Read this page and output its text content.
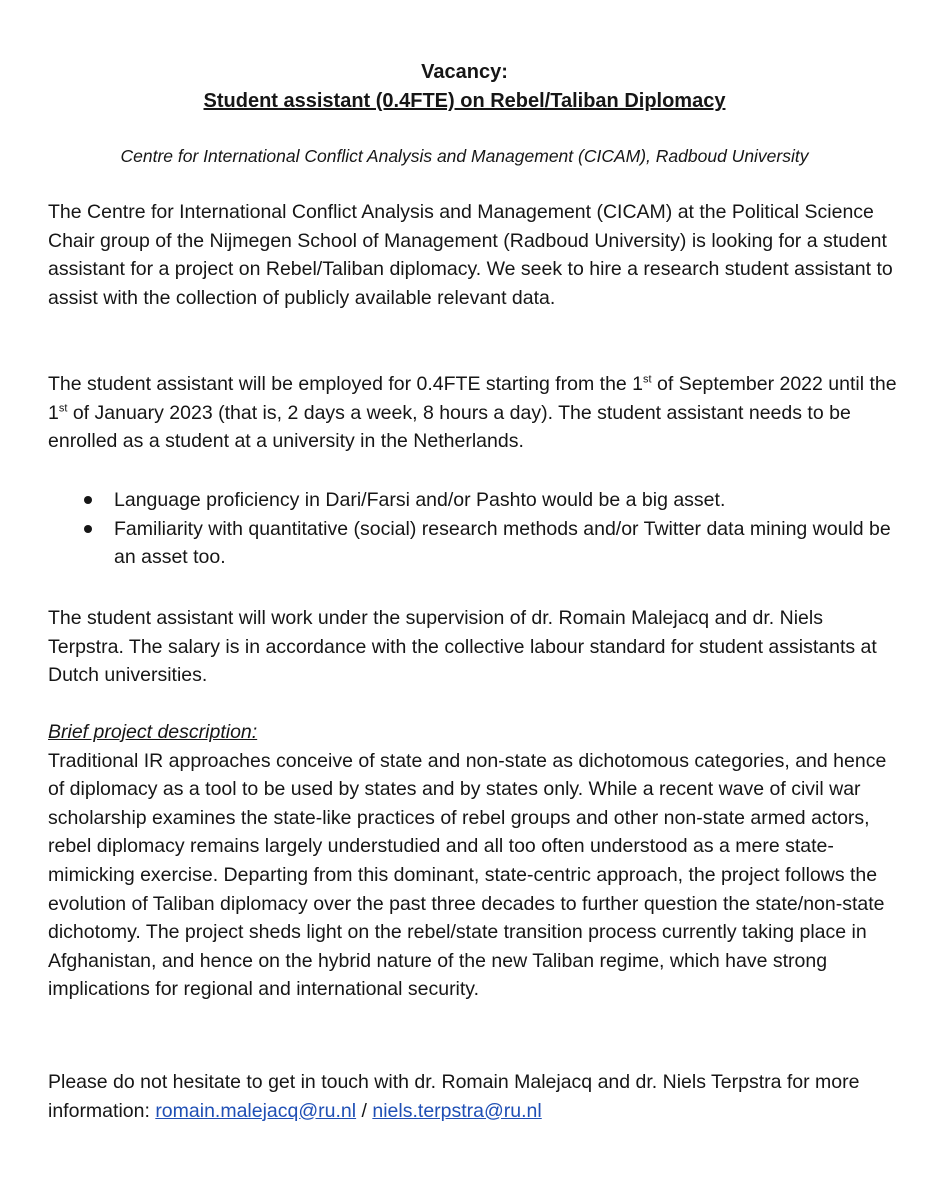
Vacancy:
Student assistant (0.4FTE) on Rebel/Taliban Diplomacy
Centre for International Conflict Analysis and Management (CICAM), Radboud University

The Centre for International Conflict Analysis and Management (CICAM) at the Political Science Chair group of the Nijmegen School of Management (Radboud University) is looking for a student assistant for a project on Rebel/Taliban diplomacy. We seek to hire a research student assistant to assist with the collection of publicly available relevant data.

The student assistant will be employed for 0.4FTE starting from the 1st of September 2022 until the 1st of January 2023 (that is, 2 days a week, 8 hours a day). The student assistant needs to be enrolled as a student at a university in the Netherlands.

Language proficiency in Dari/Farsi and/or Pashto would be a big asset.
Familiarity with quantitative (social) research methods and/or Twitter data mining would be an asset too.

The student assistant will work under the supervision of dr. Romain Malejacq and dr. Niels Terpstra. The salary is in accordance with the collective labour standard for student assistants at Dutch universities.

Brief project description:
Traditional IR approaches conceive of state and non-state as dichotomous categories, and hence of diplomacy as a tool to be used by states and by states only. While a recent wave of civil war scholarship examines the state-like practices of rebel groups and other non-state armed actors, rebel diplomacy remains largely understudied and all too often understood as a mere state-mimicking exercise. Departing from this dominant, state-centric approach, the project follows the evolution of Taliban diplomacy over the past three decades to further question the state/non-state dichotomy. The project sheds light on the rebel/state transition process currently taking place in Afghanistan, and hence on the hybrid nature of the new Taliban regime, which have strong implications for regional and international security.

Please do not hesitate to get in touch with dr. Romain Malejacq and dr. Niels Terpstra for more information: romain.malejacq@ru.nl / niels.terpstra@ru.nl
